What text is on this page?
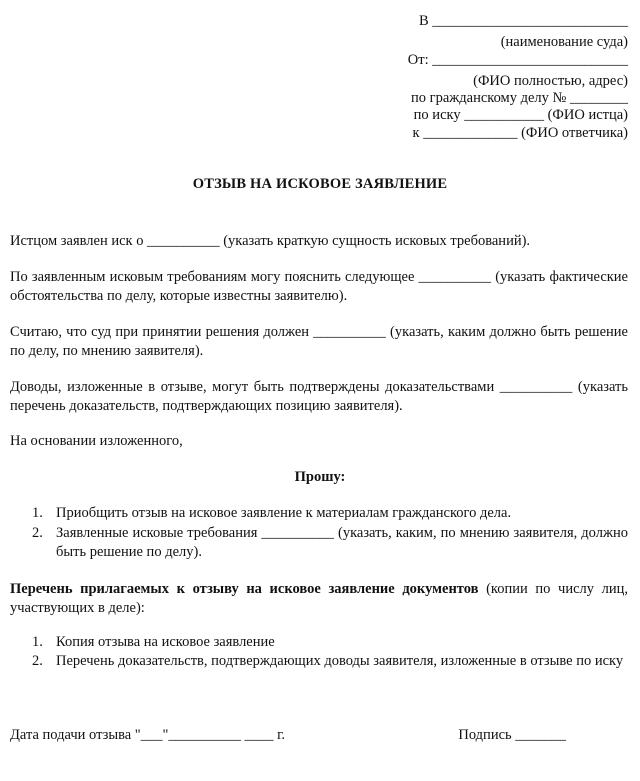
В ___________________________
(наименование суда)
От: ___________________________
(ФИО полностью, адрес)
по гражданскому делу № ________
по иску ___________ (ФИО истца)
к _____________ (ФИО ответчика)
ОТЗЫВ НА ИСКОВОЕ ЗАЯВЛЕНИЕ
Истцом заявлен иск о __________ (указать краткую сущность исковых требований).
По заявленным исковым требованиям могу пояснить следующее __________ (указать фактические обстоятельства по делу, которые известны заявителю).
Считаю, что суд при принятии решения должен __________ (указать, каким должно быть решение по делу, по мнению заявителя).
Доводы, изложенные в отзыве, могут быть подтверждены доказательствами __________ (указать перечень доказательств, подтверждающих позицию заявителя).
На основании изложенного,
Прошу:
1. Приобщить отзыв на исковое заявление к материалам гражданского дела.
2. Заявленные исковые требования __________ (указать, каким, по мнению заявителя, должно быть решение по делу).
Перечень прилагаемых к отзыву на исковое заявление документов (копии по числу лиц, участвующих в деле):
1. Копия отзыва на исковое заявление
2. Перечень доказательств, подтверждающих доводы заявителя, изложенные в отзыве по иску
Дата подачи отзыва "___"__________ ____ г.	Подпись _______
